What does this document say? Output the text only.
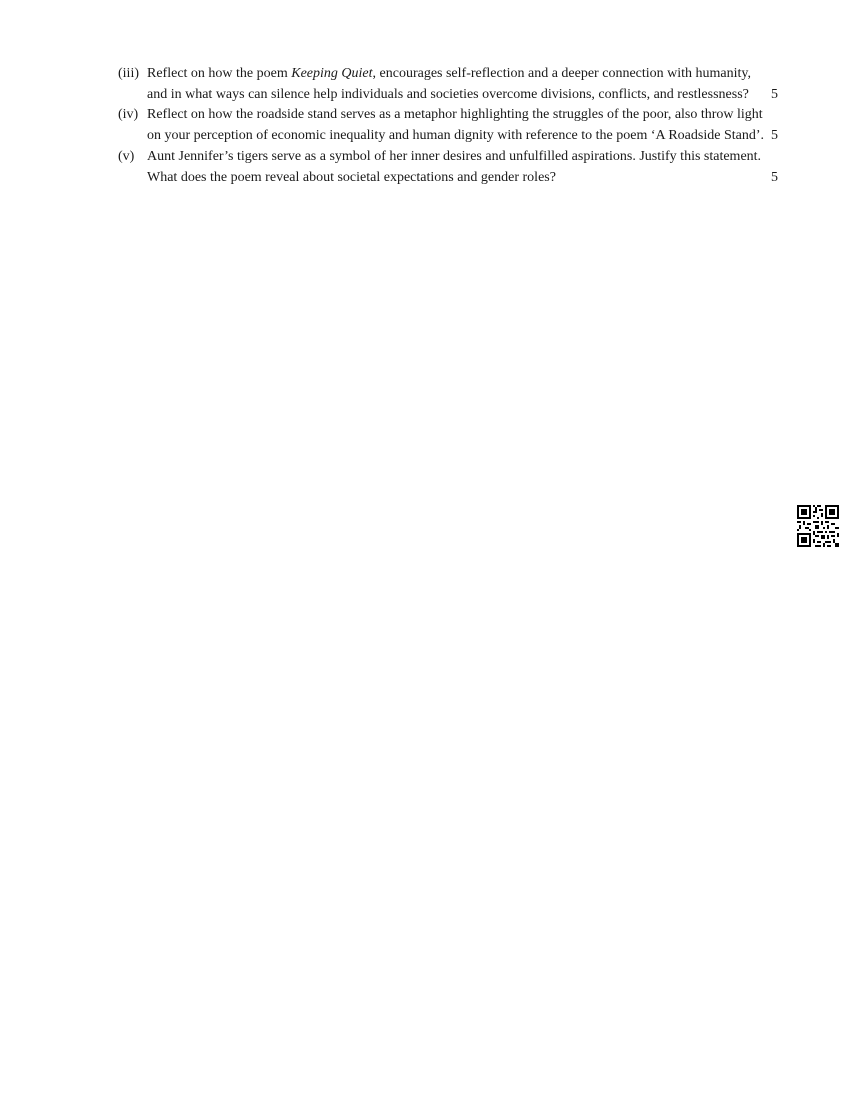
(iii) Reflect on how the poem Keeping Quiet, encourages self-reflection and a deeper connection with humanity, and in what ways can silence help individuals and societies overcome divisions, conflicts, and restlessness?	5
(iv) Reflect on how the roadside stand serves as a metaphor highlighting the struggles of the poor, also throw light on your perception of economic inequality and human dignity with reference to the poem ‘A Roadside Stand’. 5
(v) Aunt Jennifer’s tigers serve as a symbol of her inner desires and unfulfilled aspirations. Justify this statement. What does the poem reveal about societal expectations and gender roles?	5
